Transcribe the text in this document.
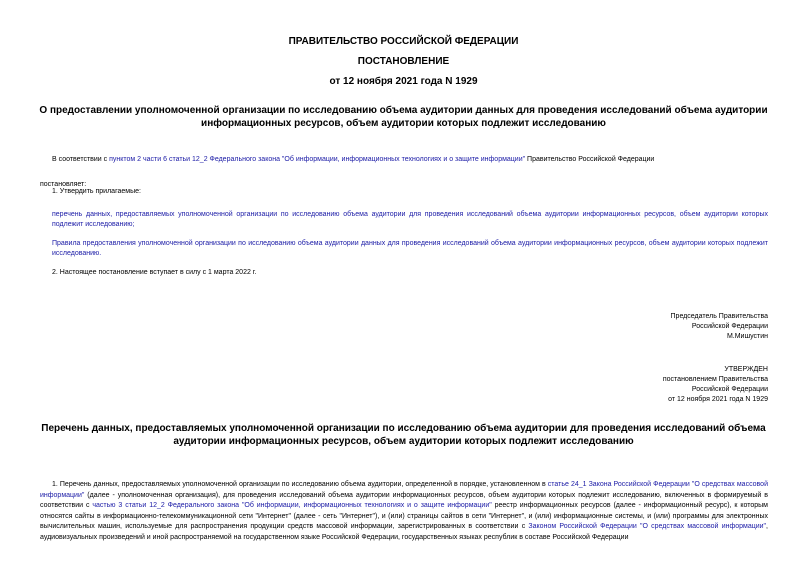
ПРАВИТЕЛЬСТВО РОССИЙСКОЙ ФЕДЕРАЦИИ
ПОСТАНОВЛЕНИЕ
от 12 ноября 2021 года N 1929
О предоставлении уполномоченной организации по исследованию объема аудитории данных для проведения исследований объема аудитории информационных ресурсов, объем аудитории которых подлежит исследованию
В соответствии с пунктом 2 части 6 статьи 12_2 Федерального закона "Об информации, информационных технологиях и о защите информации" Правительство Российской Федерации
постановляет:
1. Утвердить прилагаемые:
перечень данных, предоставляемых уполномоченной организации по исследованию объема аудитории для проведения исследований объема аудитории информационных ресурсов, объем аудитории которых подлежит исследованию;
Правила предоставления уполномоченной организации по исследованию объема аудитории данных для проведения исследований объема аудитории информационных ресурсов, объем аудитории которых подлежит исследованию.
2. Настоящее постановление вступает в силу с 1 марта 2022 г.
Председатель Правительства
Российской Федерации
М.Мишустин
УТВЕРЖДЕН
постановлением Правительства
Российской Федерации
от 12 ноября 2021 года N 1929
Перечень данных, предоставляемых уполномоченной организации по исследованию объема аудитории для проведения исследований объема аудитории информационных ресурсов, объем аудитории которых подлежит исследованию
1. Перечень данных, предоставляемых уполномоченной организации по исследованию объема аудитории, определенной в порядке, установленном в статье 24_1 Закона Российской Федерации "О средствах массовой информации" (далее - уполномоченная организация), для проведения исследований объема аудитории информационных ресурсов, объем аудитории которых подлежит исследованию, включенных в формируемый в соответствии с частью 3 статьи 12_2 Федерального закона "Об информации, информационных технологиях и о защите информации" реестр информационных ресурсов (далее - информационный ресурс), к которым относятся сайты в информационно-телекоммуникационной сети "Интернет" (далее - сеть "Интернет"), и (или) страницы сайтов в сети "Интернет", и (или) информационные системы, и (или) программы для электронных вычислительных машин, используемые для распространения продукции средств массовой информации, зарегистрированных в соответствии с Законом Российской Федерации "О средствах массовой информации", аудиовизуальных произведений и иной распространяемой на государственном языке Российской Федерации, государственных языках республик в составе Российской Федерации
